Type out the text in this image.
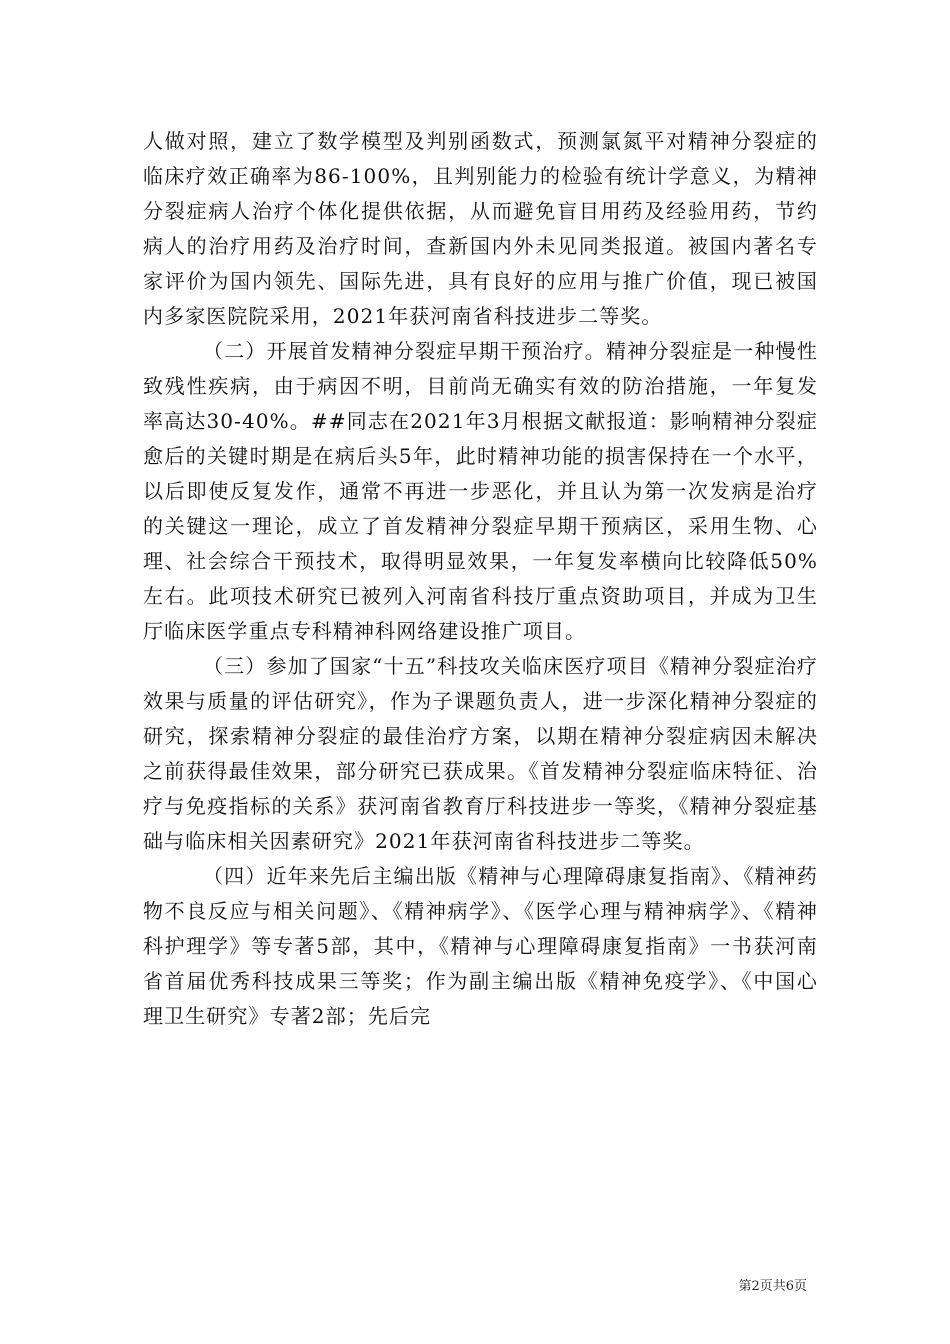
人做对照，建立了数学模型及判别函数式，预测氯氮平对精神分裂症的临床疗效正确率为86-100%，且判别能力的检验有统计学意义，为精神分裂症病人治疗个体化提供依据，从而避免盲目用药及经验用药，节约病人的治疗用药及治疗时间，查新国内外未见同类报道。被国内著名专家评价为国内领先、国际先进，具有良好的应用与推广价值，现已被国内多家医院院采用，2021年获河南省科技进步二等奖。

（二）开展首发精神分裂症早期干预治疗。精神分裂症是一种慢性致残性疾病，由于病因不明，目前尚无确实有效的防治措施，一年复发率高达30-40%。##同志在2021年3月根据文献报道：影响精神分裂症愈后的关键时期是在病后头5年，此时精神功能的损害保持在一个水平，以后即使反复发作，通常不再进一步恶化，并且认为第一次发病是治疗的关键这一理论，成立了首发精神分裂症早期干预病区，采用生物、心理、社会综合干预技术，取得明显效果，一年复发率横向比较降低50%左右。此项技术研究已被列入河南省科技厅重点资助项目，并成为卫生厅临床医学重点专科精神科网络建设推广项目。

（三）参加了国家“十五”科技攻关临床医疗项目《精神分裂症治疗效果与质量的评估研究》，作为子课题负责人，进一步深化精神分裂症的研究，探索精神分裂症的最佳治疗方案，以期在精神分裂症病因未解决之前获得最佳效果，部分研究已获成果。《首发精神分裂症临床特征、治疗与免疫指标的关系》获河南省教育厅科技进步一等奖，《精神分裂症基础与临床相关因素研究》2021年获河南省科技进步二等奖。

（四）近年来先后主编出版《精神与心理障碍康复指南》、《精神药物不良反应与相关问题》、《精神病学》、《医学心理与精神病学》、《精神科护理学》等专著5部，其中，《精神与心理障碍康复指南》一书获河南省首届优秀科技成果三等奖；作为副主编出版《精神免疫学》、《中国心理卫生研究》专著2部；先后完

第2页共6页
